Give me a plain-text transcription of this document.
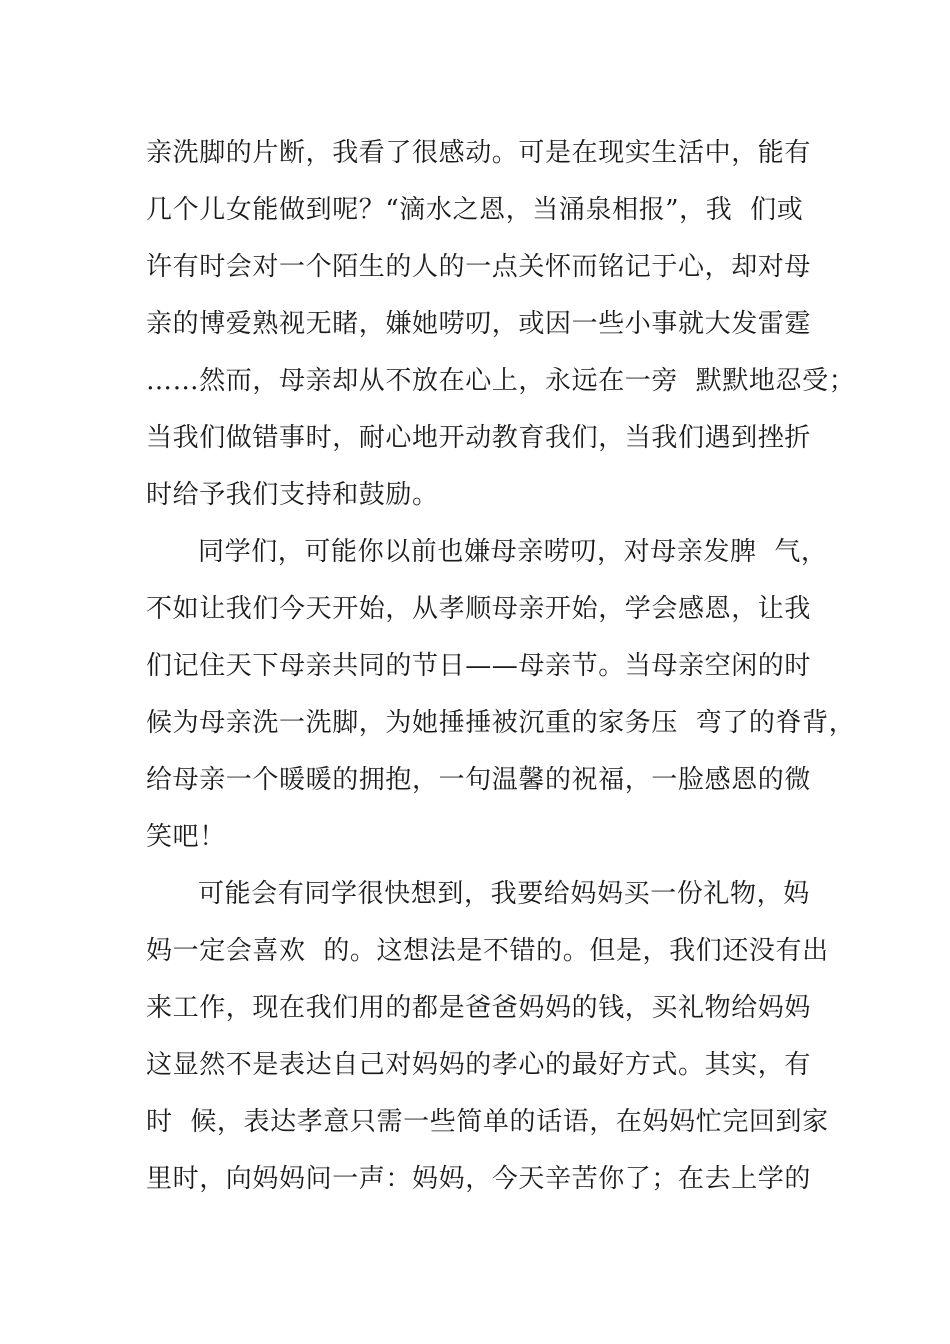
亲洗脚的片断，我看了很感动。可是在现实生活中，能有
几个儿女能做到呢？“滴水之恩，当涌泉相报”，我  们或
许有时会对一个陌生的人的一点关怀而铭记于心，却对母
亲的博爱熟视无睹，嫌她唠叨，或因一些小事就大发雷霆
……然而，母亲却从不放在心上，永远在一旁  默默地忍受；
当我们做错事时，耐心地开动教育我们，当我们遇到挫折
时给予我们支持和鼓励。
同学们，可能你以前也嫌母亲唠叨，对母亲发脾  气，
不如让我们今天开始，从孝顺母亲开始，学会感恩，让我
们记住天下母亲共同的节日——母亲节。当母亲空闲的时
候为母亲洗一洗脚，为她捶捶被沉重的家务压  弯了的脊背，
给母亲一个暖暖的拥抱，一句温馨的祝福，一脸感恩的微
笑吧！
可能会有同学很快想到，我要给妈妈买一份礼物，妈
妈一定会喜欢  的。这想法是不错的。但是，我们还没有出
来工作，现在我们用的都是爸爸妈妈的钱，买礼物给妈妈
这显然不是表达自己对妈妈的孝心的最好方式。其实，有
时  候，表达孝意只需一些简单的话语，在妈妈忙完回到家
里时，向妈妈问一声：妈妈，今天辛苦你了；在去上学的
